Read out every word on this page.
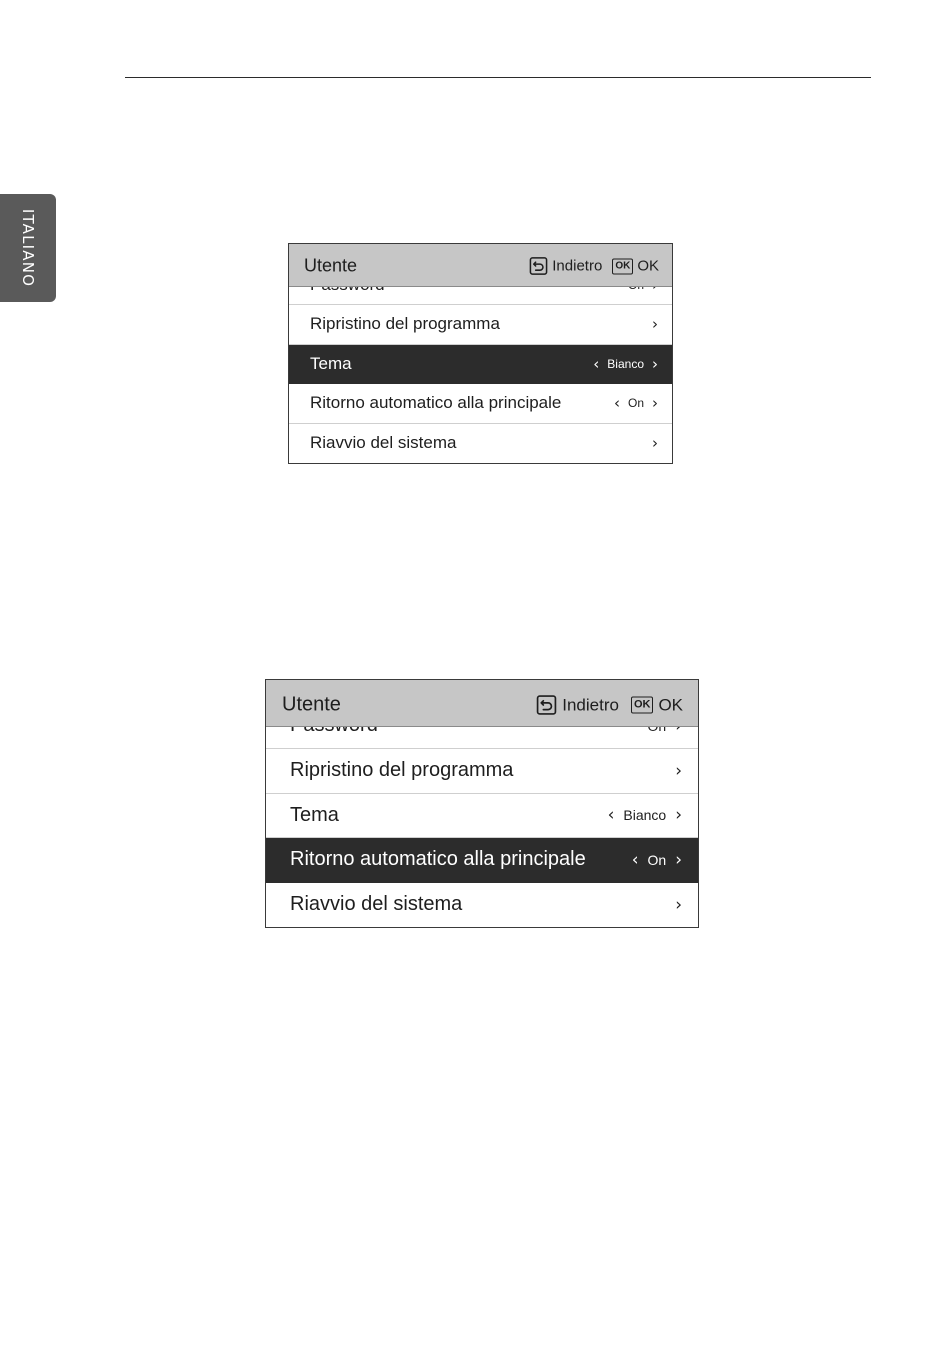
ITALIANO	Utente	Indietro	OK OK
Ripristino del programma	›
Tema	‹ Bianco ›
Ritorno automatico alla principale	‹ On ›
Riavvio del sistema	›
Utente	Indietro OK OK
Ripristino del programma	›
Tema	‹ Bianco ›
Ritorno automatico alla principale	‹ On ›
Riavvio del sistema	›
